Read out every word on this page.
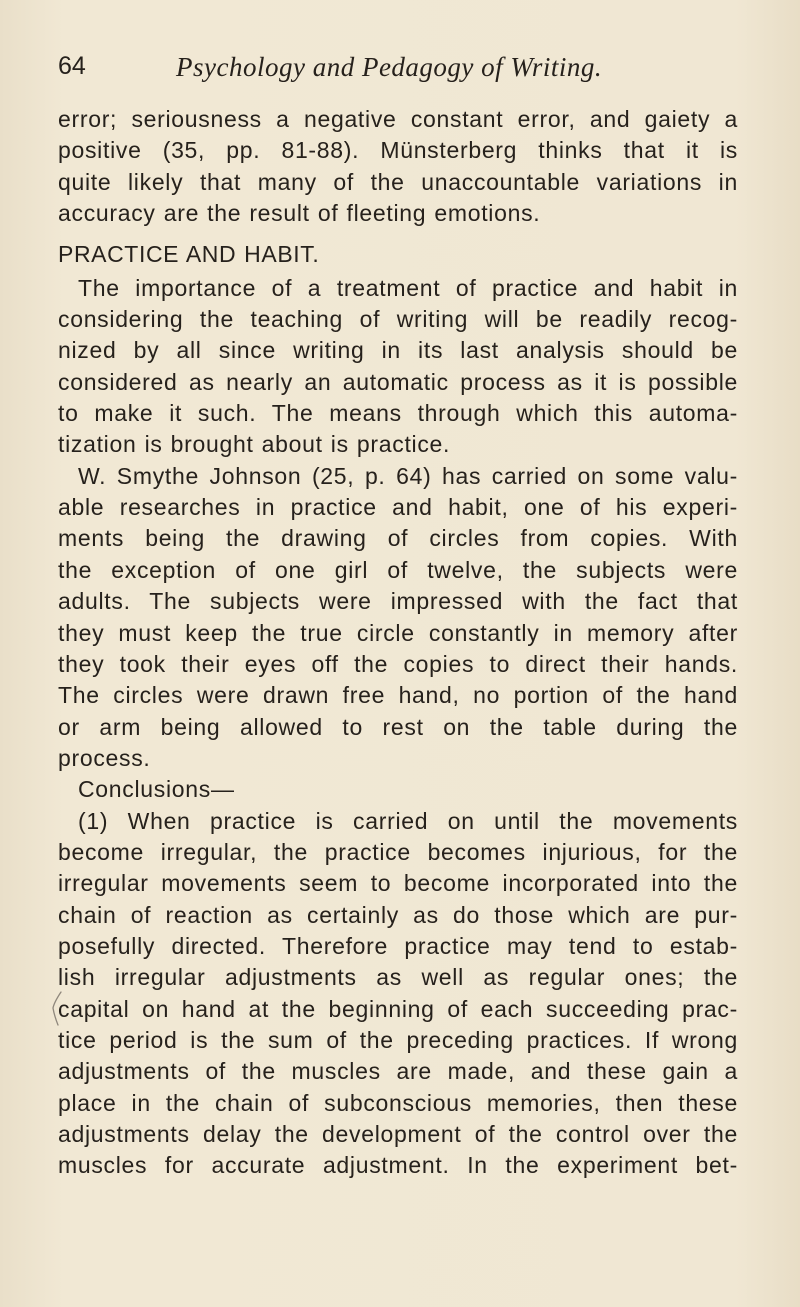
64	Psychology and Pedagogy of Writing.
error; seriousness a negative constant error, and gaiety a
positive (35, pp. 81-88). Münsterberg thinks that it is
quite likely that many of the unaccountable variations in
accuracy are the result of fleeting emotions.
PRACTICE AND HABIT.
The importance of a treatment of practice and habit in
considering the teaching of writing will be readily recog-
nized by all since writing in its last analysis should be
considered as nearly an automatic process as it is possible
to make it such. The means through which this automa-
tization is brought about is practice.
W. Smythe Johnson (25, p. 64) has carried on some valu-
able researches in practice and habit, one of his experi-
ments being the drawing of circles from copies. With
the exception of one girl of twelve, the subjects were
adults. The subjects were impressed with the fact that
they must keep the true circle constantly in memory after
they took their eyes off the copies to direct their hands.
The circles were drawn free hand, no portion of the hand
or arm being allowed to rest on the table during the
process.
Conclusions—
(1) When practice is carried on until the movements
become irregular, the practice becomes injurious, for the
irregular movements seem to become incorporated into the
chain of reaction as certainly as do those which are pur-
posefully directed. Therefore practice may tend to estab-
lish irregular adjustments as well as regular ones; the
capital on hand at the beginning of each succeeding prac-
tice period is the sum of the preceding practices. If wrong
adjustments of the muscles are made, and these gain a
place in the chain of subconscious memories, then these
adjustments delay the development of the control over the
muscles for accurate adjustment. In the experiment bet-
